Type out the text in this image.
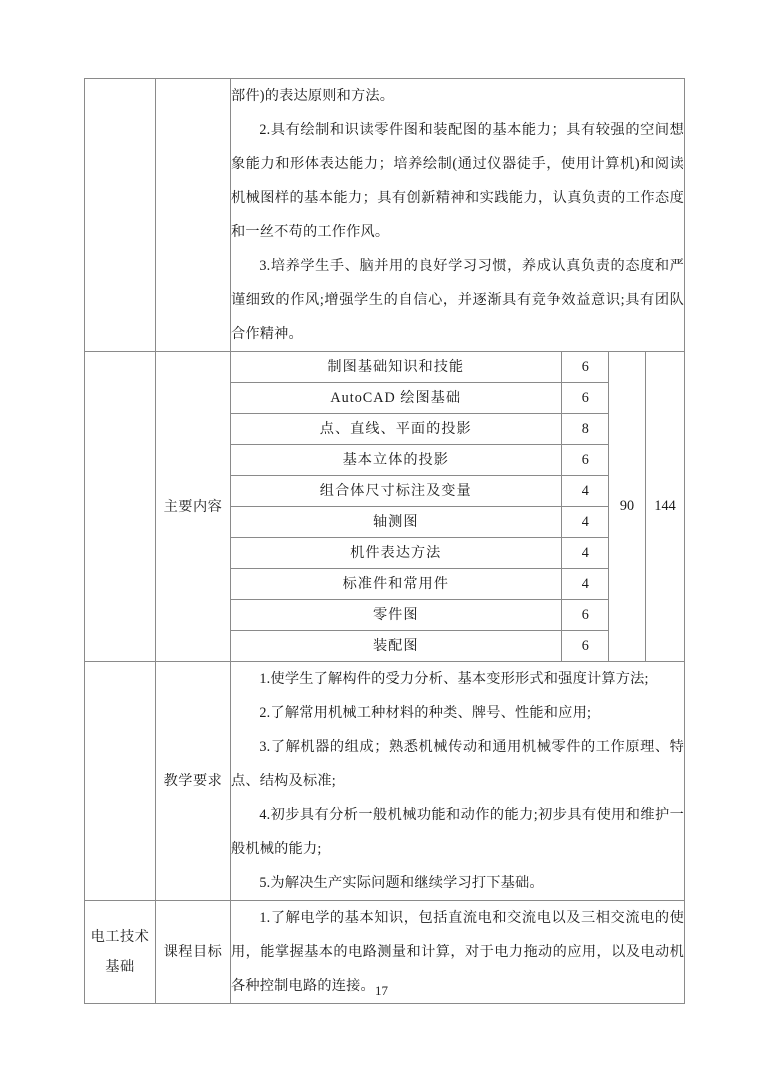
部件)的表达原则和方法。

2.具有绘制和识读零件图和装配图的基本能力；具有较强的空间想象能力和形体表达能力；培养绘制(通过仪器徒手，使用计算机)和阅读机械图样的基本能力；具有创新精神和实践能力，认真负责的工作态度和一丝不苟的工作作风。

3.培养学生手、脑并用的良好学习习惯，养成认真负责的态度和严谨细致的作风;增强学生的自信心，并逐渐具有竞争效益意识;具有团队合作精神。

	主要内容	
制图基础知识和技能	6
AutoCAD 绘图基础	6
点、直线、平面的投影	8
基本立体的投影	6
组合体尺寸标注及变量	4
轴测图	4
机件表达方法	4
标准件和常用件	4
零件图	6
装配图	6
	90	144
	教学要求	

1.使学生了解构件的受力分析、基本变形形式和强度计算方法;

2.了解常用机械工种材料的种类、牌号、性能和应用;

3.了解机器的组成；熟悉机械传动和通用机械零件的工作原理、特点、结构及标准;

4.初步具有分析一般机械功能和动作的能力;初步具有使用和维护一般机械的能力;

5.为解决生产实际问题和继续学习打下基础。

电工技术基础	课程目标	

1.了解电学的基本知识，包括直流电和交流电以及三相交流电的使用，能掌握基本的电路测量和计算，对于电力拖动的应用，以及电动机各种控制电路的连接。 17
